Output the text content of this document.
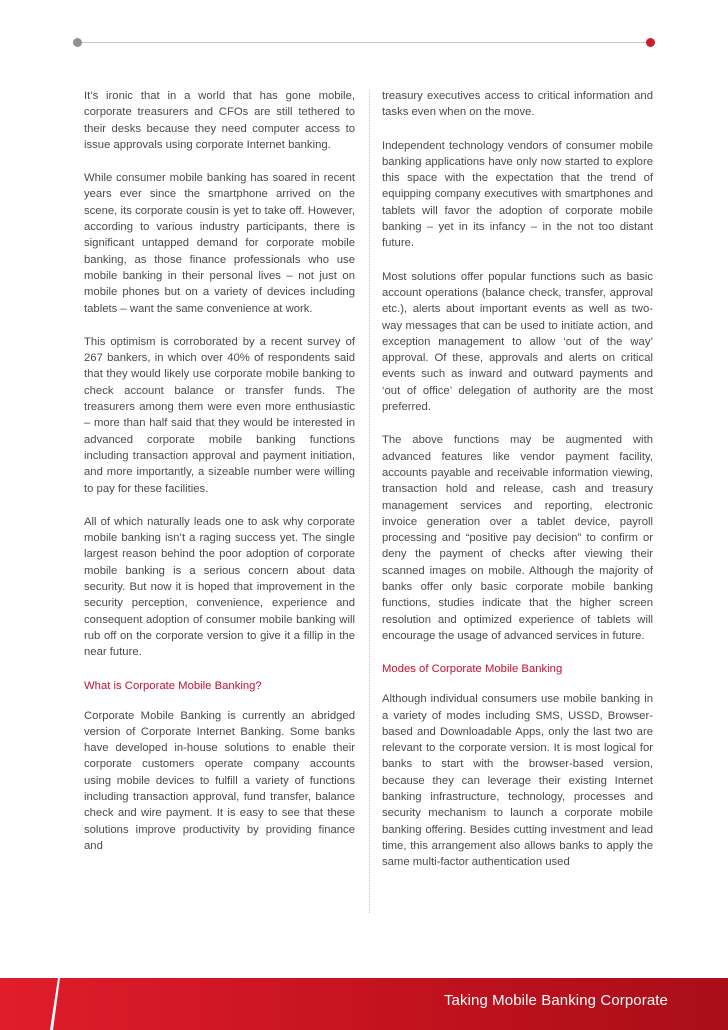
It’s ironic that in a world that has gone mobile, corporate treasurers and CFOs are still tethered to their desks because they need computer access to issue approvals using corporate Internet banking.

While consumer mobile banking has soared in recent years ever since the smartphone arrived on the scene, its corporate cousin is yet to take off. However, according to various industry participants, there is significant untapped demand for corporate mobile banking, as those finance professionals who use mobile banking in their personal lives – not just on mobile phones but on a variety of devices including tablets – want the same convenience at work.

This optimism is corroborated by a recent survey of 267 bankers, in which over 40% of respondents said that they would likely use corporate mobile banking to check account balance or transfer funds. The treasurers among them were even more enthusiastic – more than half said that they would be interested in advanced corporate mobile banking functions including transaction approval and payment initiation, and more importantly, a sizeable number were willing to pay for these facilities.

All of which naturally leads one to ask why corporate mobile banking isn’t a raging success yet. The single largest reason behind the poor adoption of corporate mobile banking is a serious concern about data security. But now it is hoped that improvement in the security perception, convenience, experience and consequent adoption of consumer mobile banking will rub off on the corporate version to give it a fillip in the near future.

What is Corporate Mobile Banking?

Corporate Mobile Banking is currently an abridged version of Corporate Internet Banking. Some banks have developed in-house solutions to enable their corporate customers operate company accounts using mobile devices to fulfill a variety of functions including transaction approval, fund transfer, balance check and wire payment. It is easy to see that these solutions improve productivity by providing finance and

treasury executives access to critical information and tasks even when on the move.

Independent technology vendors of consumer mobile banking applications have only now started to explore this space with the expectation that the trend of equipping company executives with smartphones and tablets will favor the adoption of corporate mobile banking – yet in its infancy – in the not too distant future.

Most solutions offer popular functions such as basic account operations (balance check, transfer, approval etc.), alerts about important events as well as two-way messages that can be used to initiate action, and exception management to allow ‘out of the way’ approval. Of these, approvals and alerts on critical events such as inward and outward payments and ‘out of office’ delegation of authority are the most preferred.

The above functions may be augmented with advanced features like vendor payment facility, accounts payable and receivable information viewing, transaction hold and release, cash and treasury management services and reporting, electronic invoice generation over a tablet device, payroll processing and “positive pay decision” to confirm or deny the payment of checks after viewing their scanned images on mobile. Although the majority of banks offer only basic corporate mobile banking functions, studies indicate that the higher screen resolution and optimized experience of tablets will encourage the usage of advanced services in future.

Modes of Corporate Mobile Banking

Although individual consumers use mobile banking in a variety of modes including SMS, USSD, Browser-based and Downloadable Apps, only the last two are relevant to the corporate version. It is most logical for banks to start with the browser-based version, because they can leverage their existing Internet banking infrastructure, technology, processes and security mechanism to launch a corporate mobile banking offering. Besides cutting investment and lead time, this arrangement also allows banks to apply the same multi-factor authentication used

Taking Mobile Banking Corporate
